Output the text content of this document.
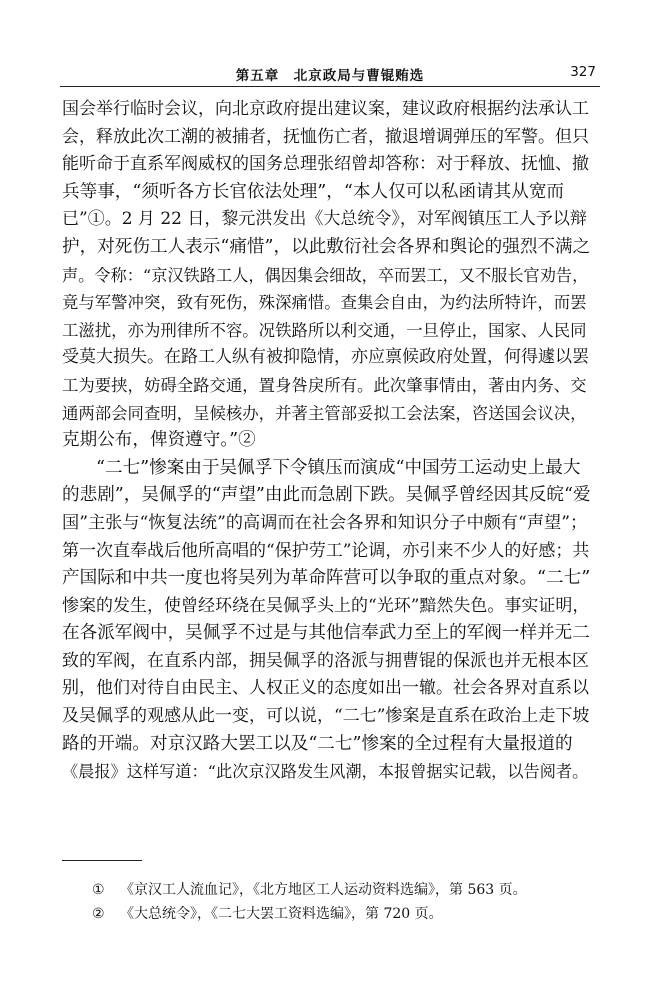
第五章　北京政局与曹锟贿选	327
国会举行临时会议，向北京政府提出建议案，建议政府根据约法承认工
会，释放此次工潮的被捕者，抚恤伤亡者，撤退增调弹压的军警。但只
能听命于直系军阀威权的国务总理张绍曾却答称：对于释放、抚恤、撤
兵等事，“须听各方长官依法处理”，“本人仅可以私函请其从宽而
已”①。2 月 22 日，黎元洪发出《大总统令》，对军阀镇压工人予以辩
护，对死伤工人表示“痛惜”，以此敷衍社会各界和舆论的强烈不满之
声。令称：“京汉铁路工人，偶因集会细故，卒而罢工，又不服长官劝告，
竟与军警冲突，致有死伤，殊深痛惜。查集会自由，为约法所特许，而罢
工滋扰，亦为刑律所不容。况铁路所以利交通，一旦停止，国家、人民同
受莫大损失。在路工人纵有被抑隐情，亦应禀候政府处置，何得遽以罢
工为要挟，妨碍全路交通，置身咎戾所有。此次肇事情由，著由内务、交
通两部会同查明，呈候核办，并著主管部妥拟工会法案，咨送国会议决，
克期公布，俾资遵守。”②
“二七”惨案由于吴佩孚下令镇压而演成“中国劳工运动史上最大
的悲剧”，吴佩孚的“声望”由此而急剧下跌。吴佩孚曾经因其反皖“爱
国”主张与“恢复法统”的高调而在社会各界和知识分子中颇有“声望”；
第一次直奉战后他所高唱的“保护劳工”论调，亦引来不少人的好感；共
产国际和中共一度也将吴列为革命阵营可以争取的重点对象。“二七”
惨案的发生，使曾经环绕在吴佩孚头上的“光环”黯然失色。事实证明，
在各派军阀中，吴佩孚不过是与其他信奉武力至上的军阀一样并无二
致的军阀，在直系内部，拥吴佩孚的洛派与拥曹锟的保派也并无根本区
别，他们对待自由民主、人权正义的态度如出一辙。社会各界对直系以
及吴佩孚的观感从此一变，可以说，“二七”惨案是直系在政治上走下坡
路的开端。对京汉路大罢工以及“二七”惨案的全过程有大量报道的
《晨报》这样写道：“此次京汉路发生风潮，本报曾据实记载，以告阅者。
① 《京汉工人流血记》，《北方地区工人运动资料选编》，第 563 页。
② 《大总统令》，《二七大罢工资料选编》，第 720 页。
